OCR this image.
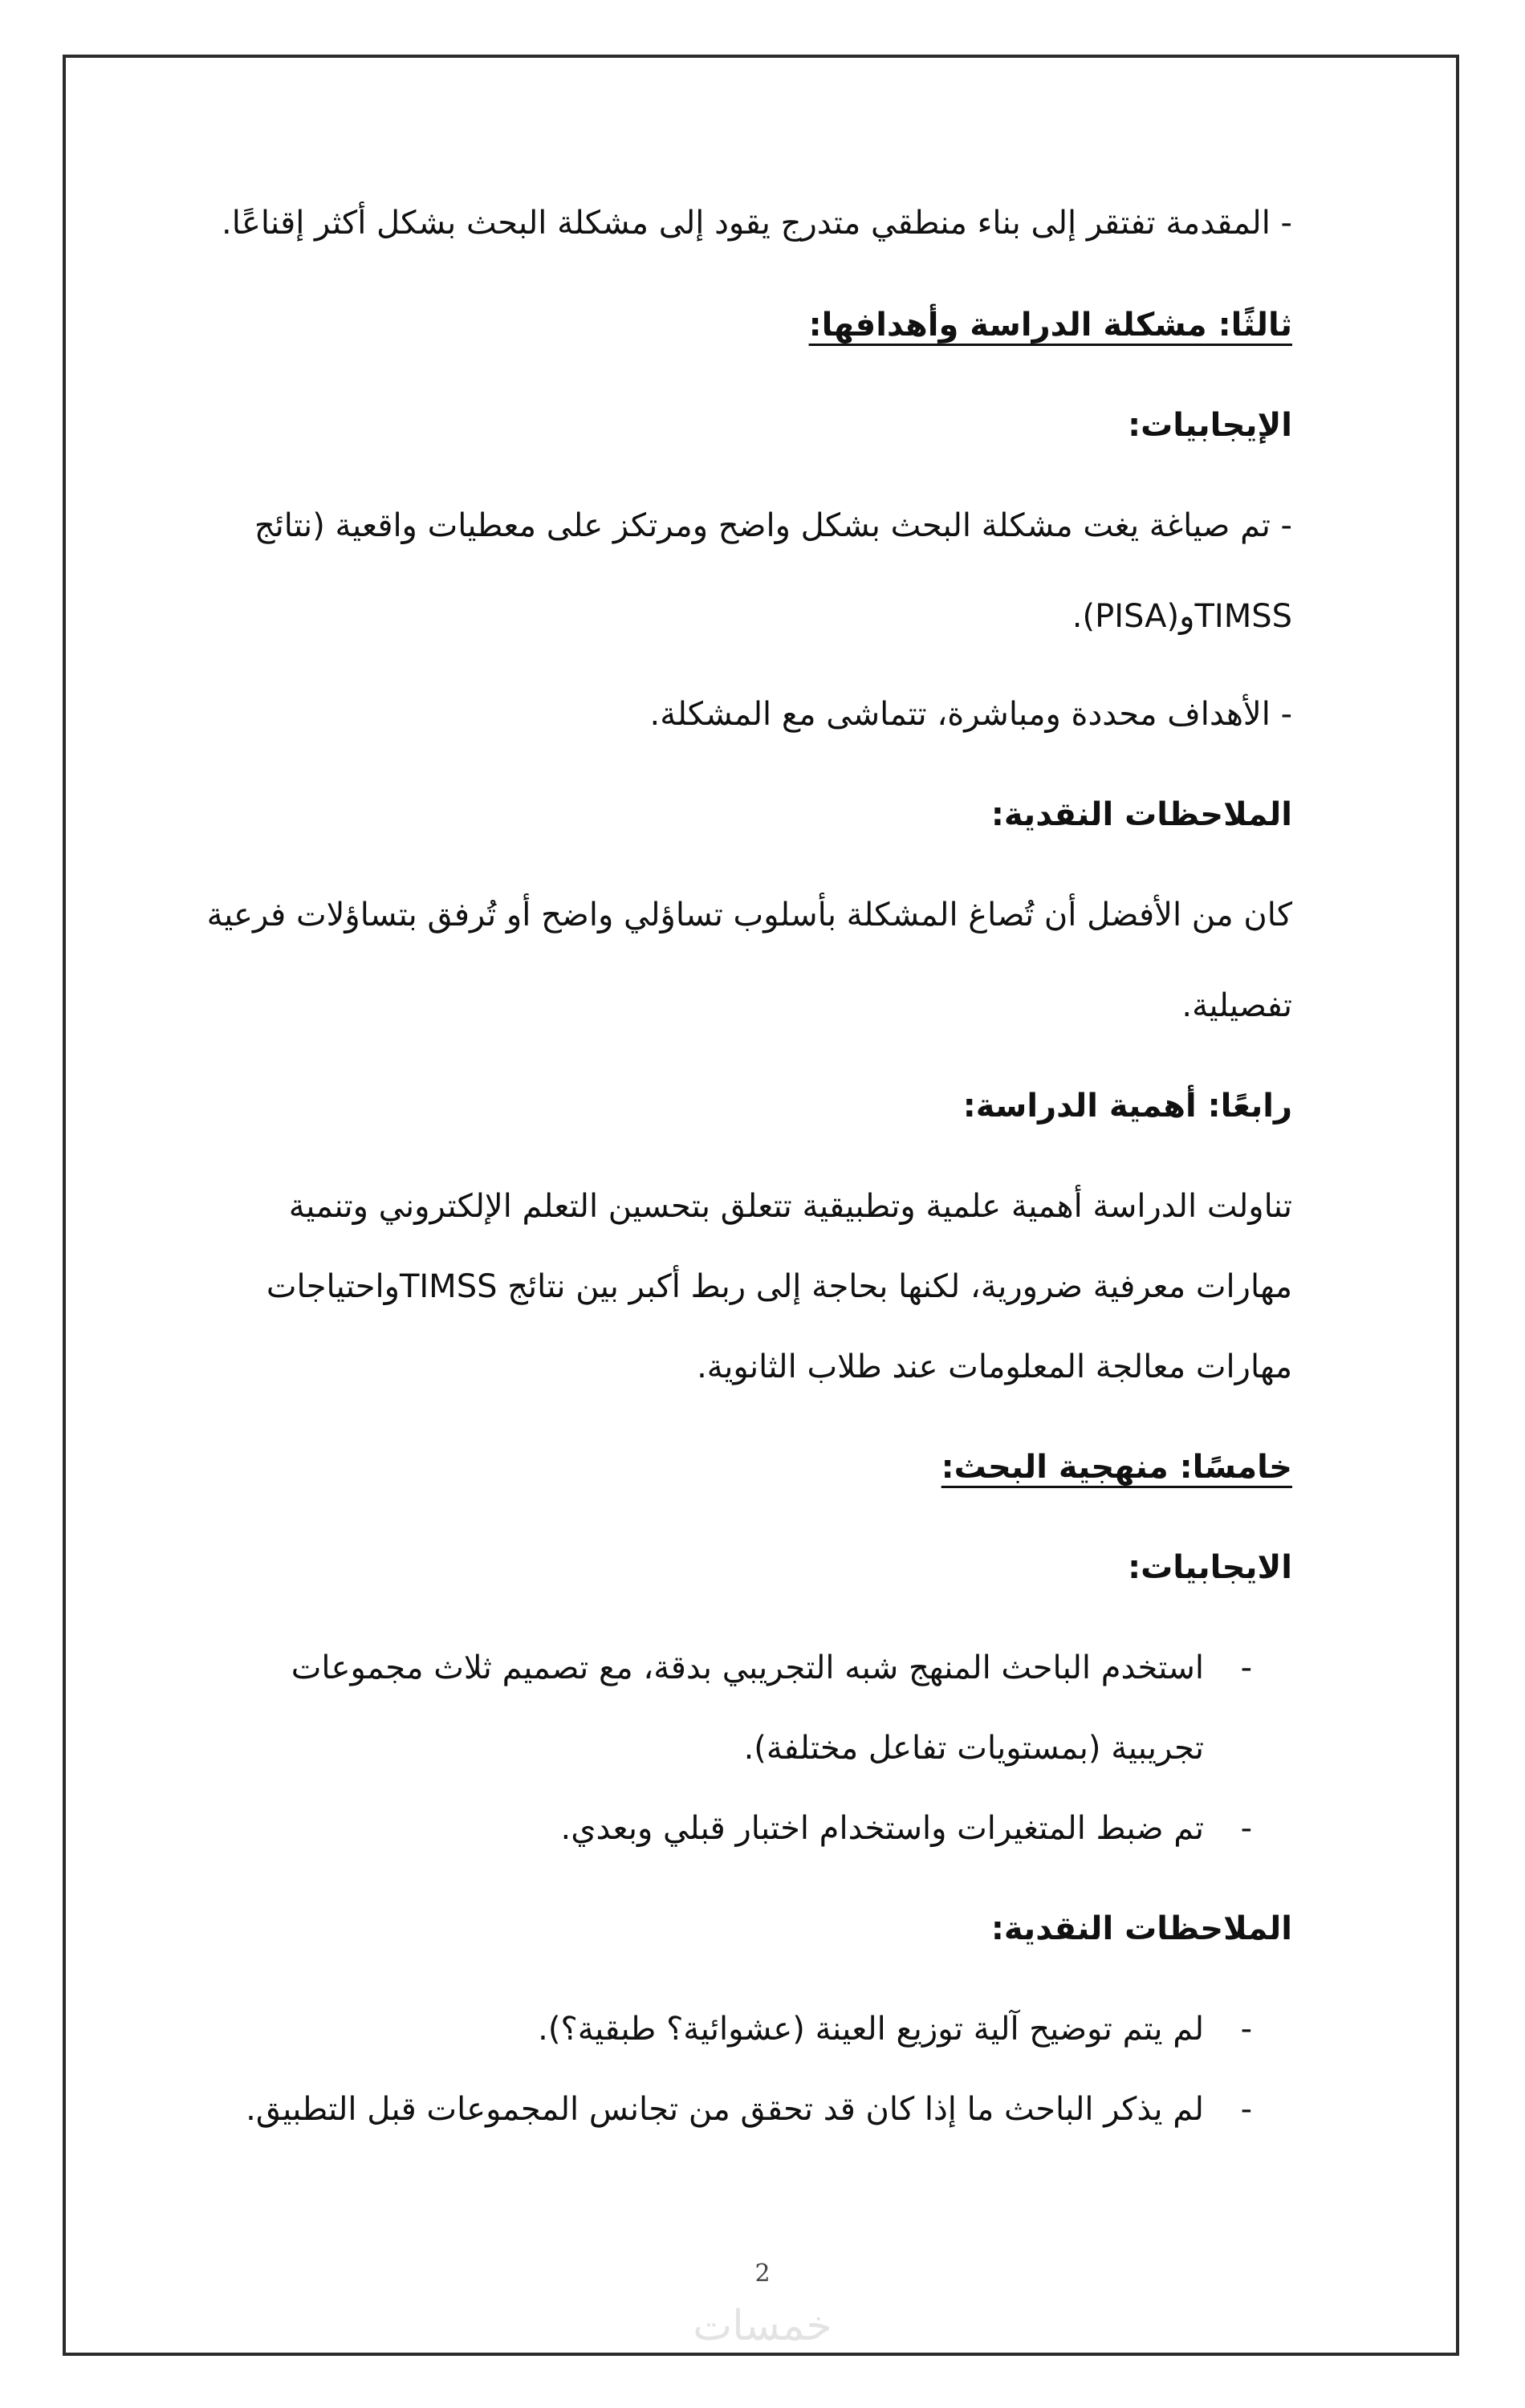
- المقدمة تفتقر إلى بناء منطقي متدرج يقود إلى مشكلة البحث بشكل أكثر إقناعًا.
ثالثًا: مشكلة الدراسة وأهدافها:
الإيجابيات:
- تم صياغة يغت مشكلة البحث بشكل واضح ومرتكز على معطيات واقعية (نتائج
TIMSSو(PISA).
- الأهداف محددة ومباشرة، تتماشى مع المشكلة.
الملاحظات النقدية:
كان من الأفضل أن تُصاغ المشكلة بأسلوب تساؤلي واضح أو تُرفق بتساؤلات فرعية
تفصيلية.
رابعًا: أهمية الدراسة:
تناولت الدراسة أهمية علمية وتطبيقية تتعلق بتحسين التعلم الإلكتروني وتنمية
مهارات معرفية ضرورية، لكنها بحاجة إلى ربط أكبر بين نتائج TIMSSواحتياجات
مهارات معالجة المعلومات عند طلاب الثانوية.
خامسًا: منهجية البحث:
الايجابيات:
-
استخدم الباحث المنهج شبه التجريبي بدقة، مع تصميم ثلاث مجموعات
تجريبية (بمستويات تفاعل مختلفة).
-
تم ضبط المتغيرات واستخدام اختبار قبلي وبعدي.
الملاحظات النقدية:
-
لم يتم توضيح آلية توزيع العينة (عشوائية؟ طبقية؟).
-
لم يذكر الباحث ما إذا كان قد تحقق من تجانس المجموعات قبل التطبيق.
2
خمسات
